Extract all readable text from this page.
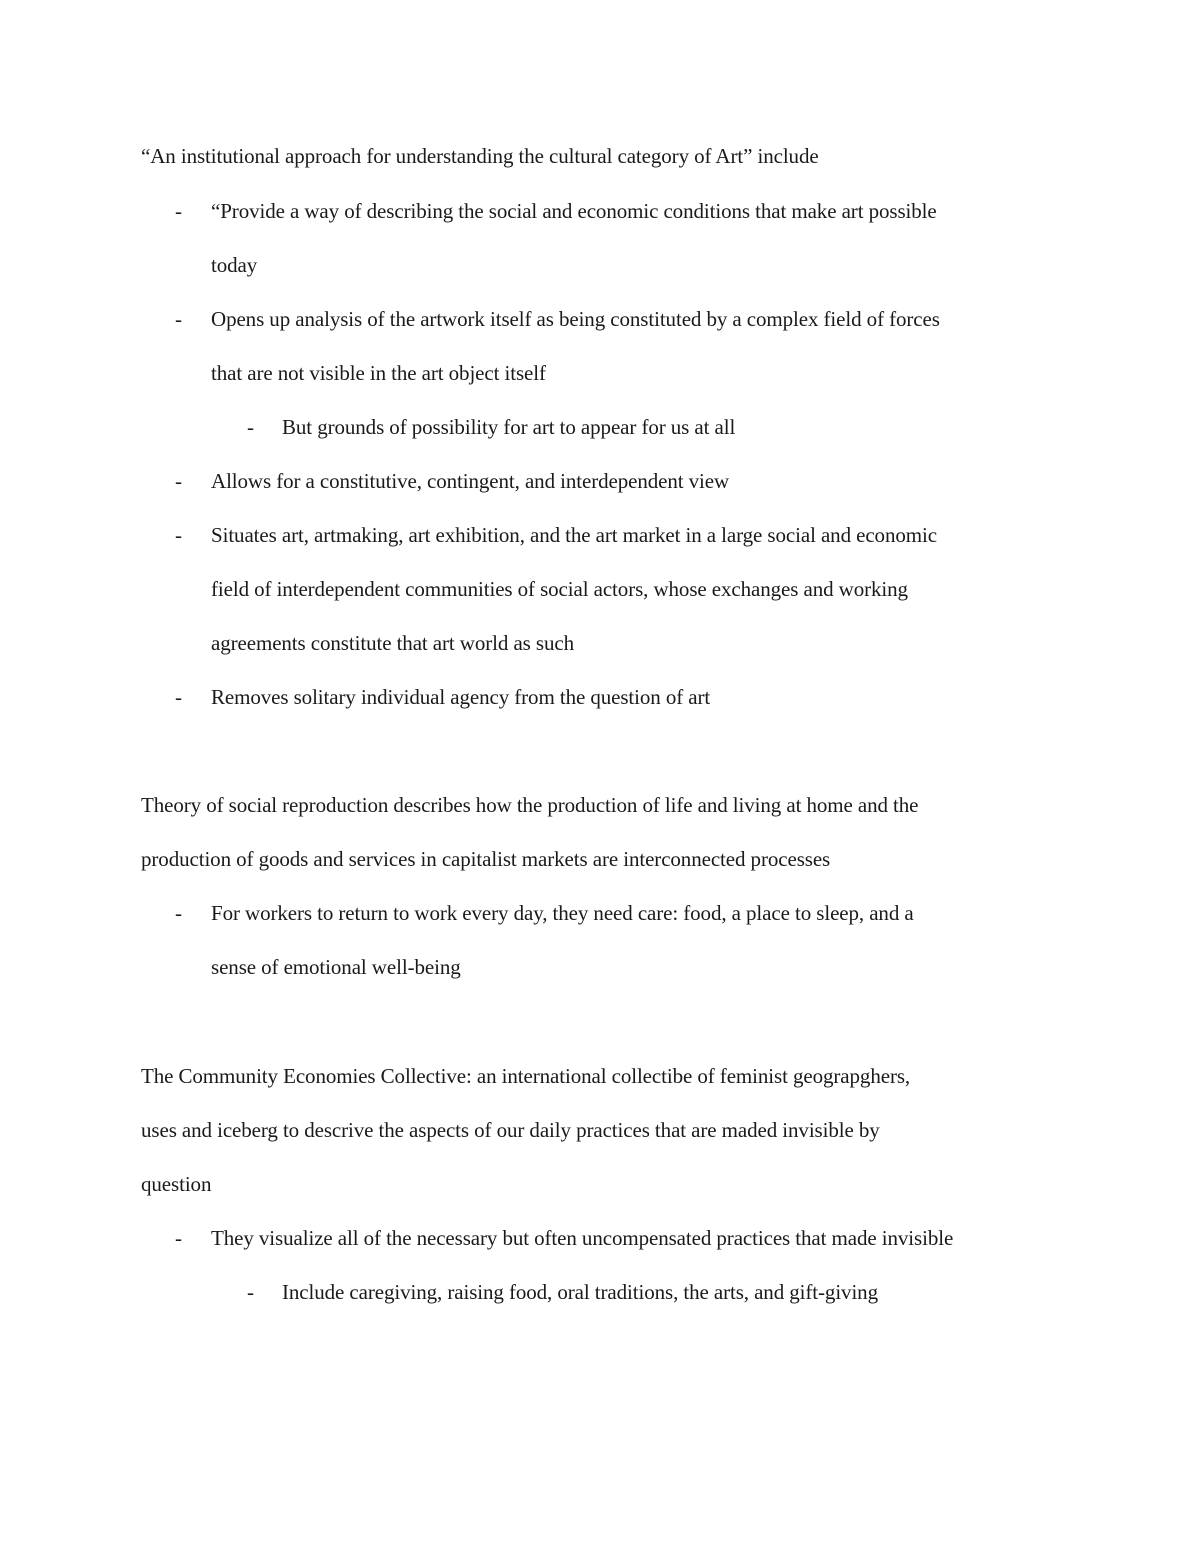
“An institutional approach for understanding the cultural category of Art” include
- “Provide a way of describing the social and economic conditions that make art possible
today
- Opens up analysis of the artwork itself as being constituted by a complex field of forces
that are not visible in the art object itself
- But grounds of possibility for art to appear for us at all
- Allows for a constitutive, contingent, and interdependent view
- Situates art, artmaking, art exhibition, and the art market in a large social and economic
field of interdependent communities of social actors, whose exchanges and working
agreements constitute that art world as such
- Removes solitary individual agency from the question of art
Theory of social reproduction describes how the production of life and living at home and the
production of goods and services in capitalist markets are interconnected processes
- For workers to return to work every day, they need care: food, a place to sleep, and a
sense of emotional well-being
The Community Economies Collective: an international collectibe of feminist geograpghers,
uses and iceberg to descrive the aspects of our daily practices that are maded invisible by
question
- They visualize all of the necessary but often uncompensated practices that made invisible
- Include caregiving, raising food, oral traditions, the arts, and gift-giving
